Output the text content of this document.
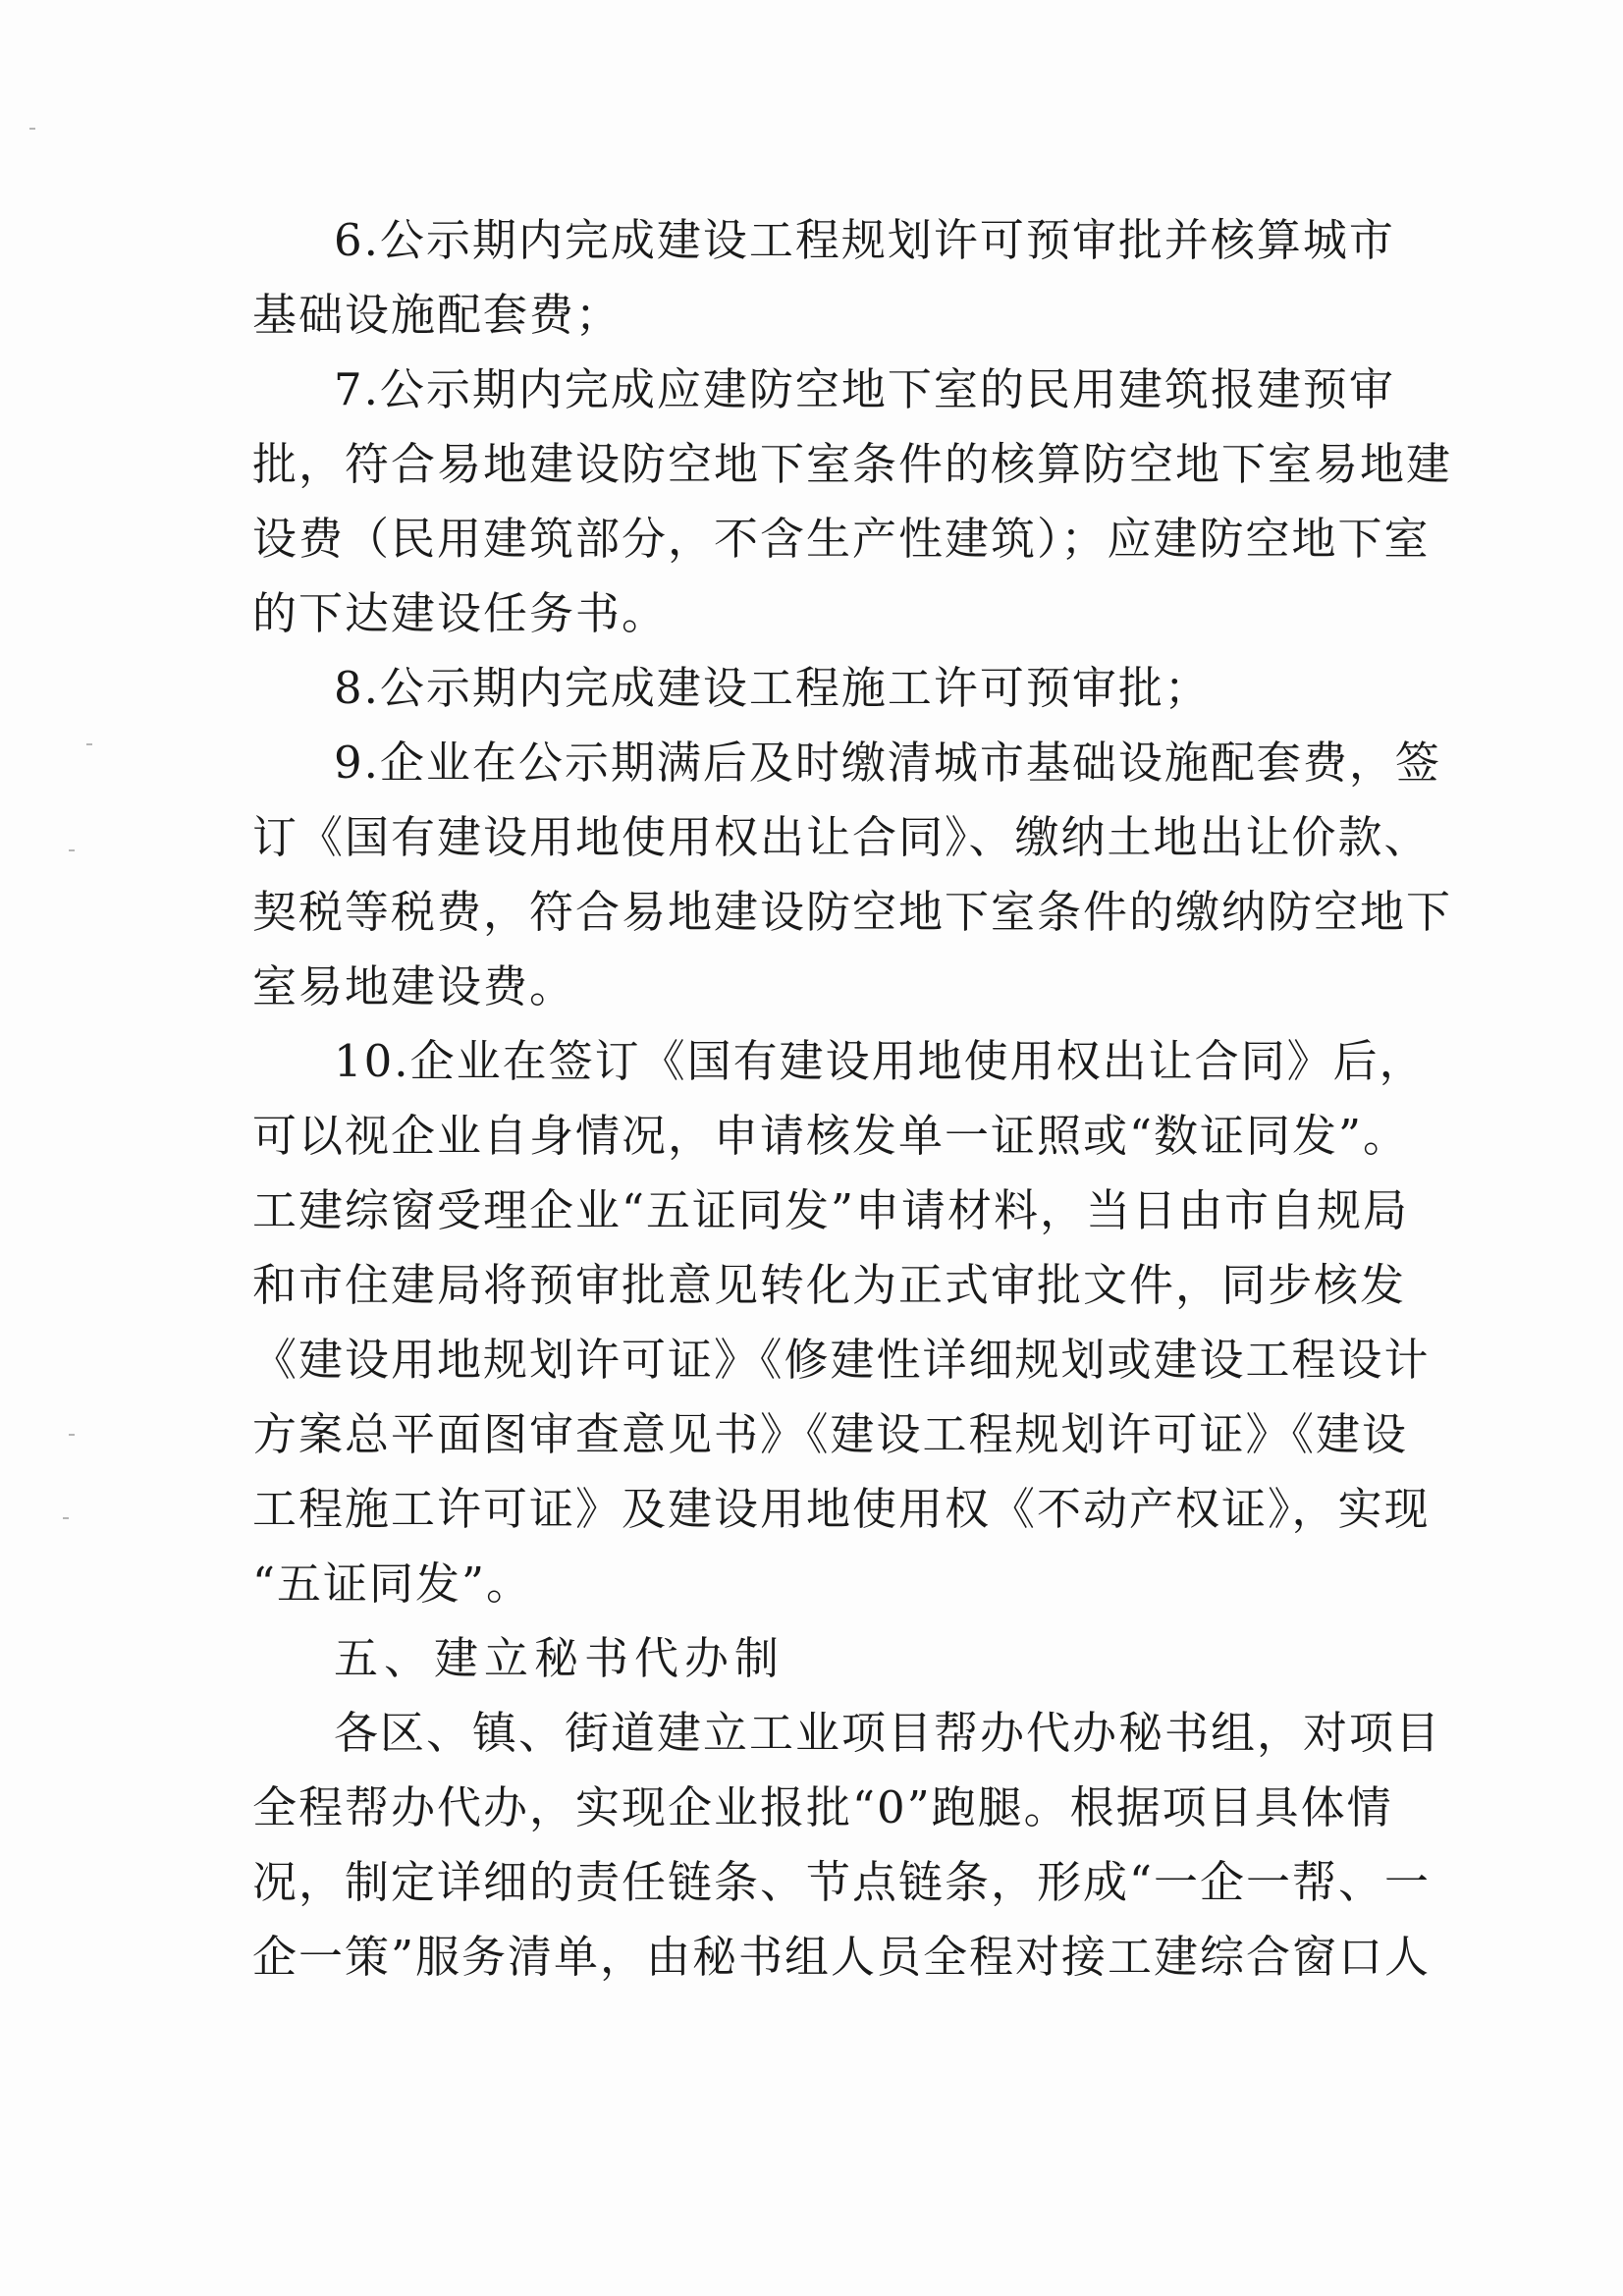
6.公示期内完成建设工程规划许可预审批并核算城市
基础设施配套费；
7.公示期内完成应建防空地下室的民用建筑报建预审
批，符合易地建设防空地下室条件的核算防空地下室易地建
设费（民用建筑部分，不含生产性建筑）；应建防空地下室
的下达建设任务书。
8.公示期内完成建设工程施工许可预审批；
9.企业在公示期满后及时缴清城市基础设施配套费，签
订《国有建设用地使用权出让合同》、缴纳土地出让价款、
契税等税费，符合易地建设防空地下室条件的缴纳防空地下
室易地建设费。
10.企业在签订《国有建设用地使用权出让合同》后，
可以视企业自身情况，申请核发单一证照或“数证同发”。
工建综窗受理企业“五证同发”申请材料，当日由市自规局
和市住建局将预审批意见转化为正式审批文件，同步核发
《建设用地规划许可证》《修建性详细规划或建设工程设计
方案总平面图审查意见书》《建设工程规划许可证》《建设
工程施工许可证》及建设用地使用权《不动产权证》，实现
“五证同发”。
五、建立秘书代办制
各区、镇、街道建立工业项目帮办代办秘书组，对项目
全程帮办代办，实现企业报批“0”跑腿。根据项目具体情
况，制定详细的责任链条、节点链条，形成“一企一帮、一
企一策”服务清单，由秘书组人员全程对接工建综合窗口人
